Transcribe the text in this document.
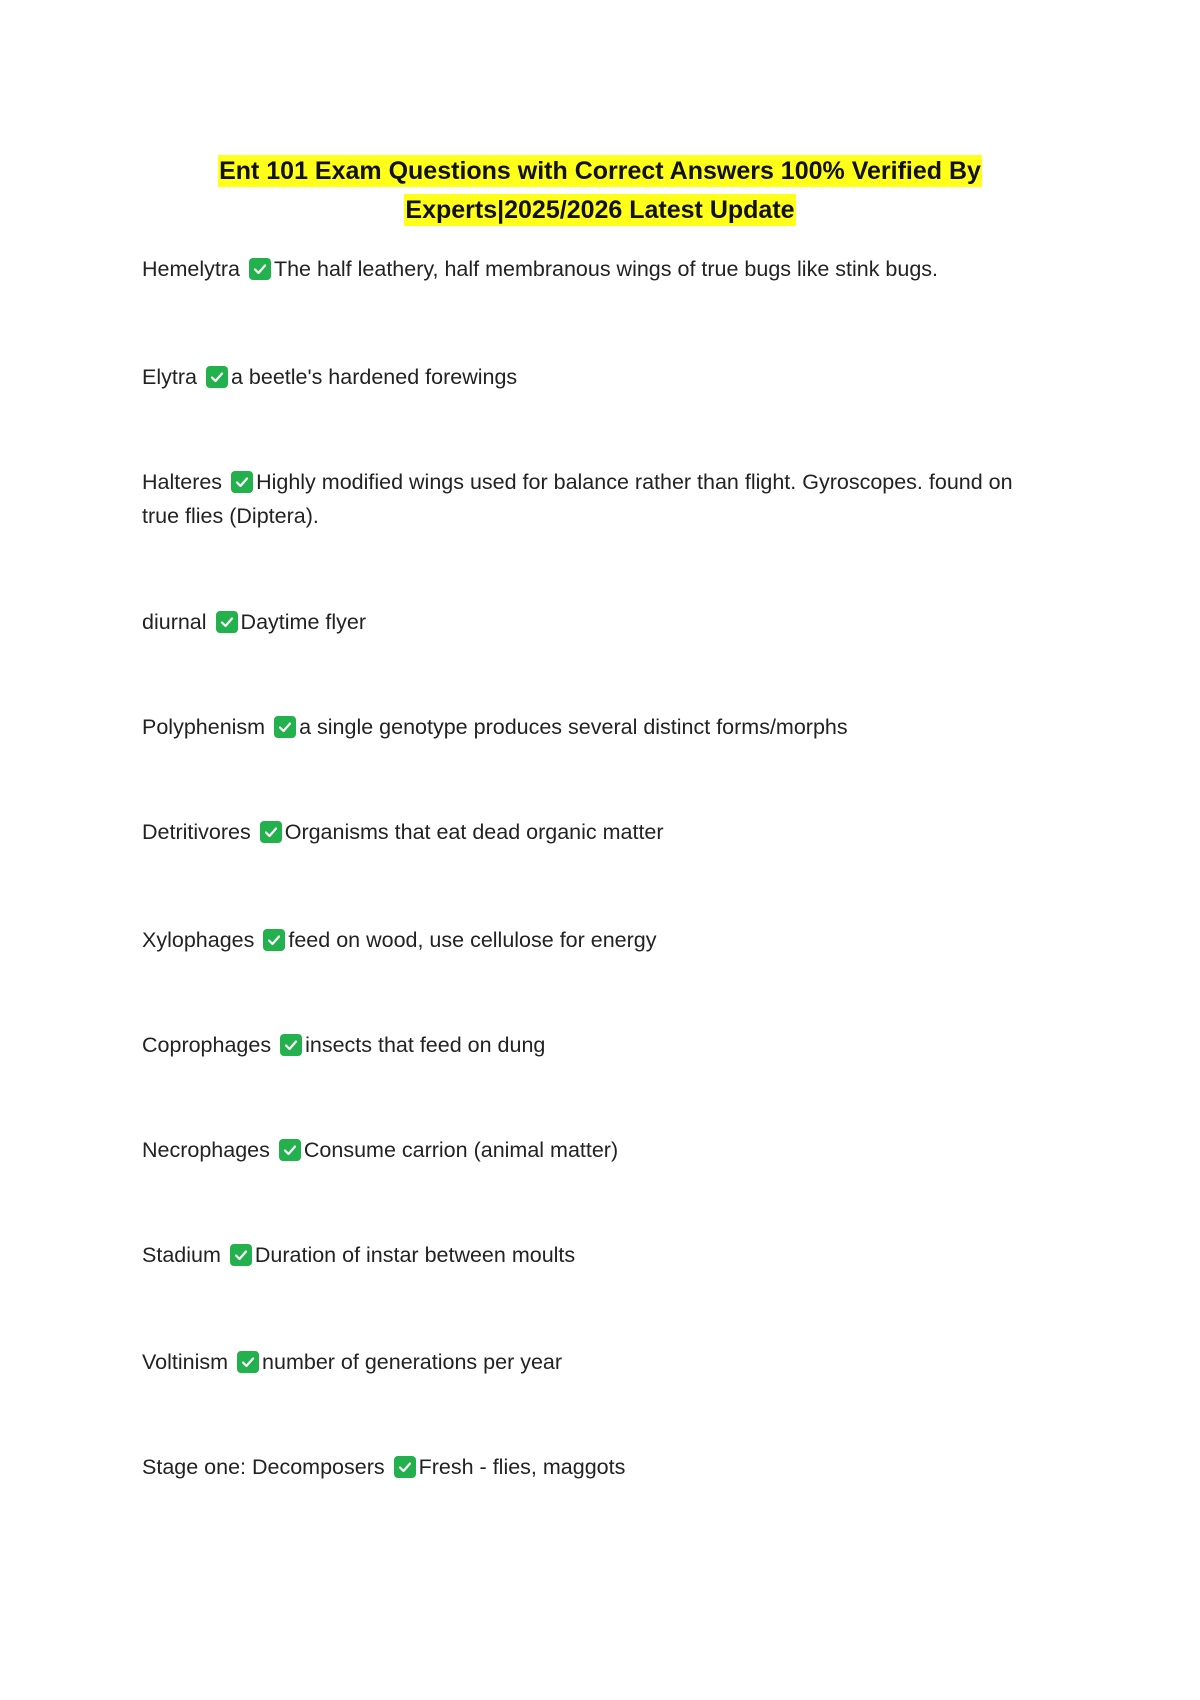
Ent 101 Exam Questions with Correct Answers 100% Verified By
Experts|2025/2026 Latest Update
Hemelytra The half leathery, half membranous wings of true bugs like stink bugs.
Elytra a beetle's hardened forewings
Halteres Highly modified wings used for balance rather than flight. Gyroscopes. found on true flies (Diptera).
diurnal Daytime flyer
Polyphenism a single genotype produces several distinct forms/morphs
Detritivores Organisms that eat dead organic matter
Xylophages feed on wood, use cellulose for energy
Coprophages insects that feed on dung
Necrophages Consume carrion (animal matter)
Stadium Duration of instar between moults
Voltinism number of generations per year
Stage one: Decomposers Fresh - flies, maggots
